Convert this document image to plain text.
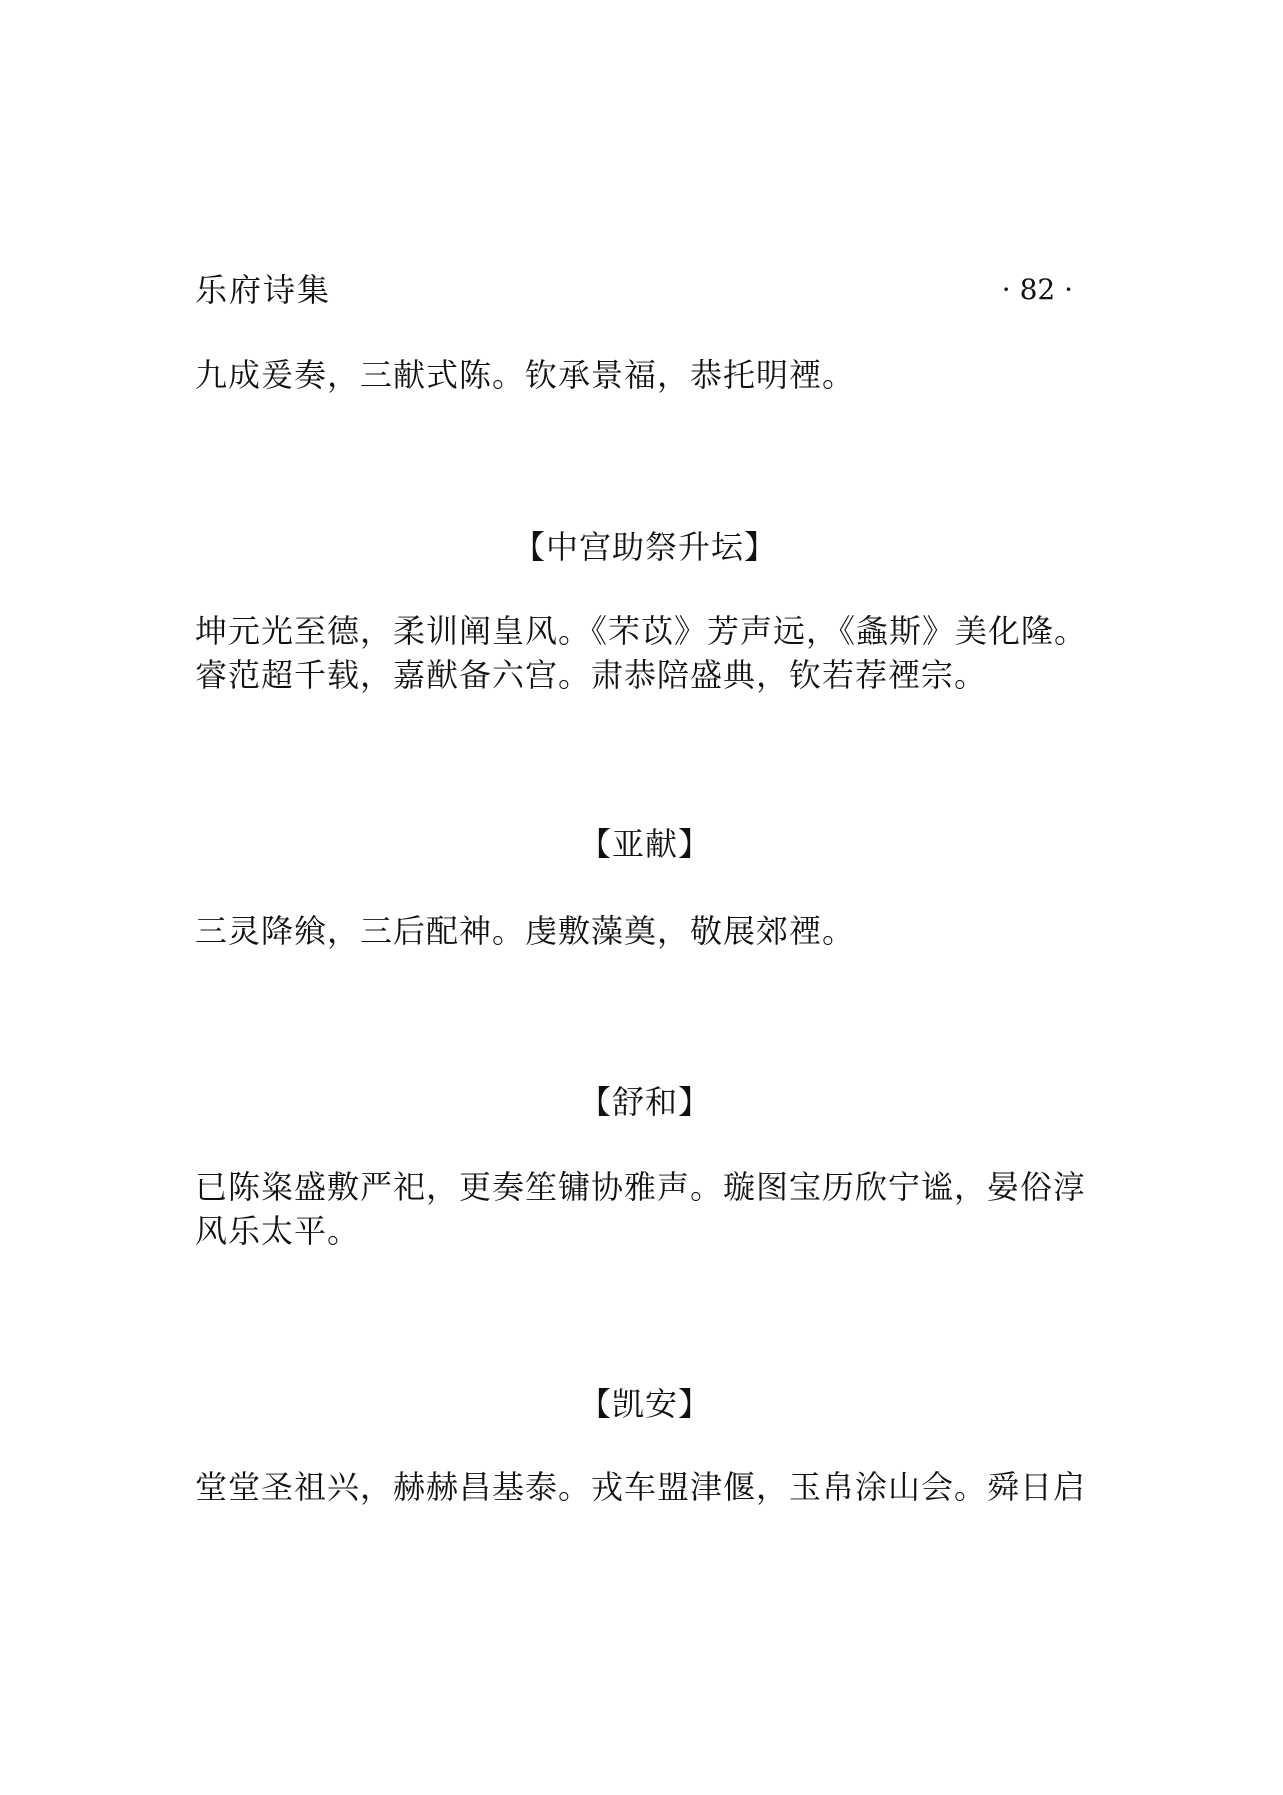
乐府诗集	· 82 ·
九成爰奏，三献式陈。钦承景福，恭托明禋。
【中宫助祭升坛】
坤元光至德，柔训阐皇风。《芣苡》芳声远，《螽斯》美化隆。
睿范超千载，嘉猷备六宫。肃恭陪盛典，钦若荐禋宗。
【亚献】
三灵降飨，三后配神。虔敷藻奠，敬展郊禋。
【舒和】
已陈粢盛敷严祀，更奏笙镛协雅声。璇图宝历欣宁谧，晏俗淳
风乐太平。
【凯安】
堂堂圣祖兴，赫赫昌基泰。戎车盟津偃，玉帛涂山会。舜日启
